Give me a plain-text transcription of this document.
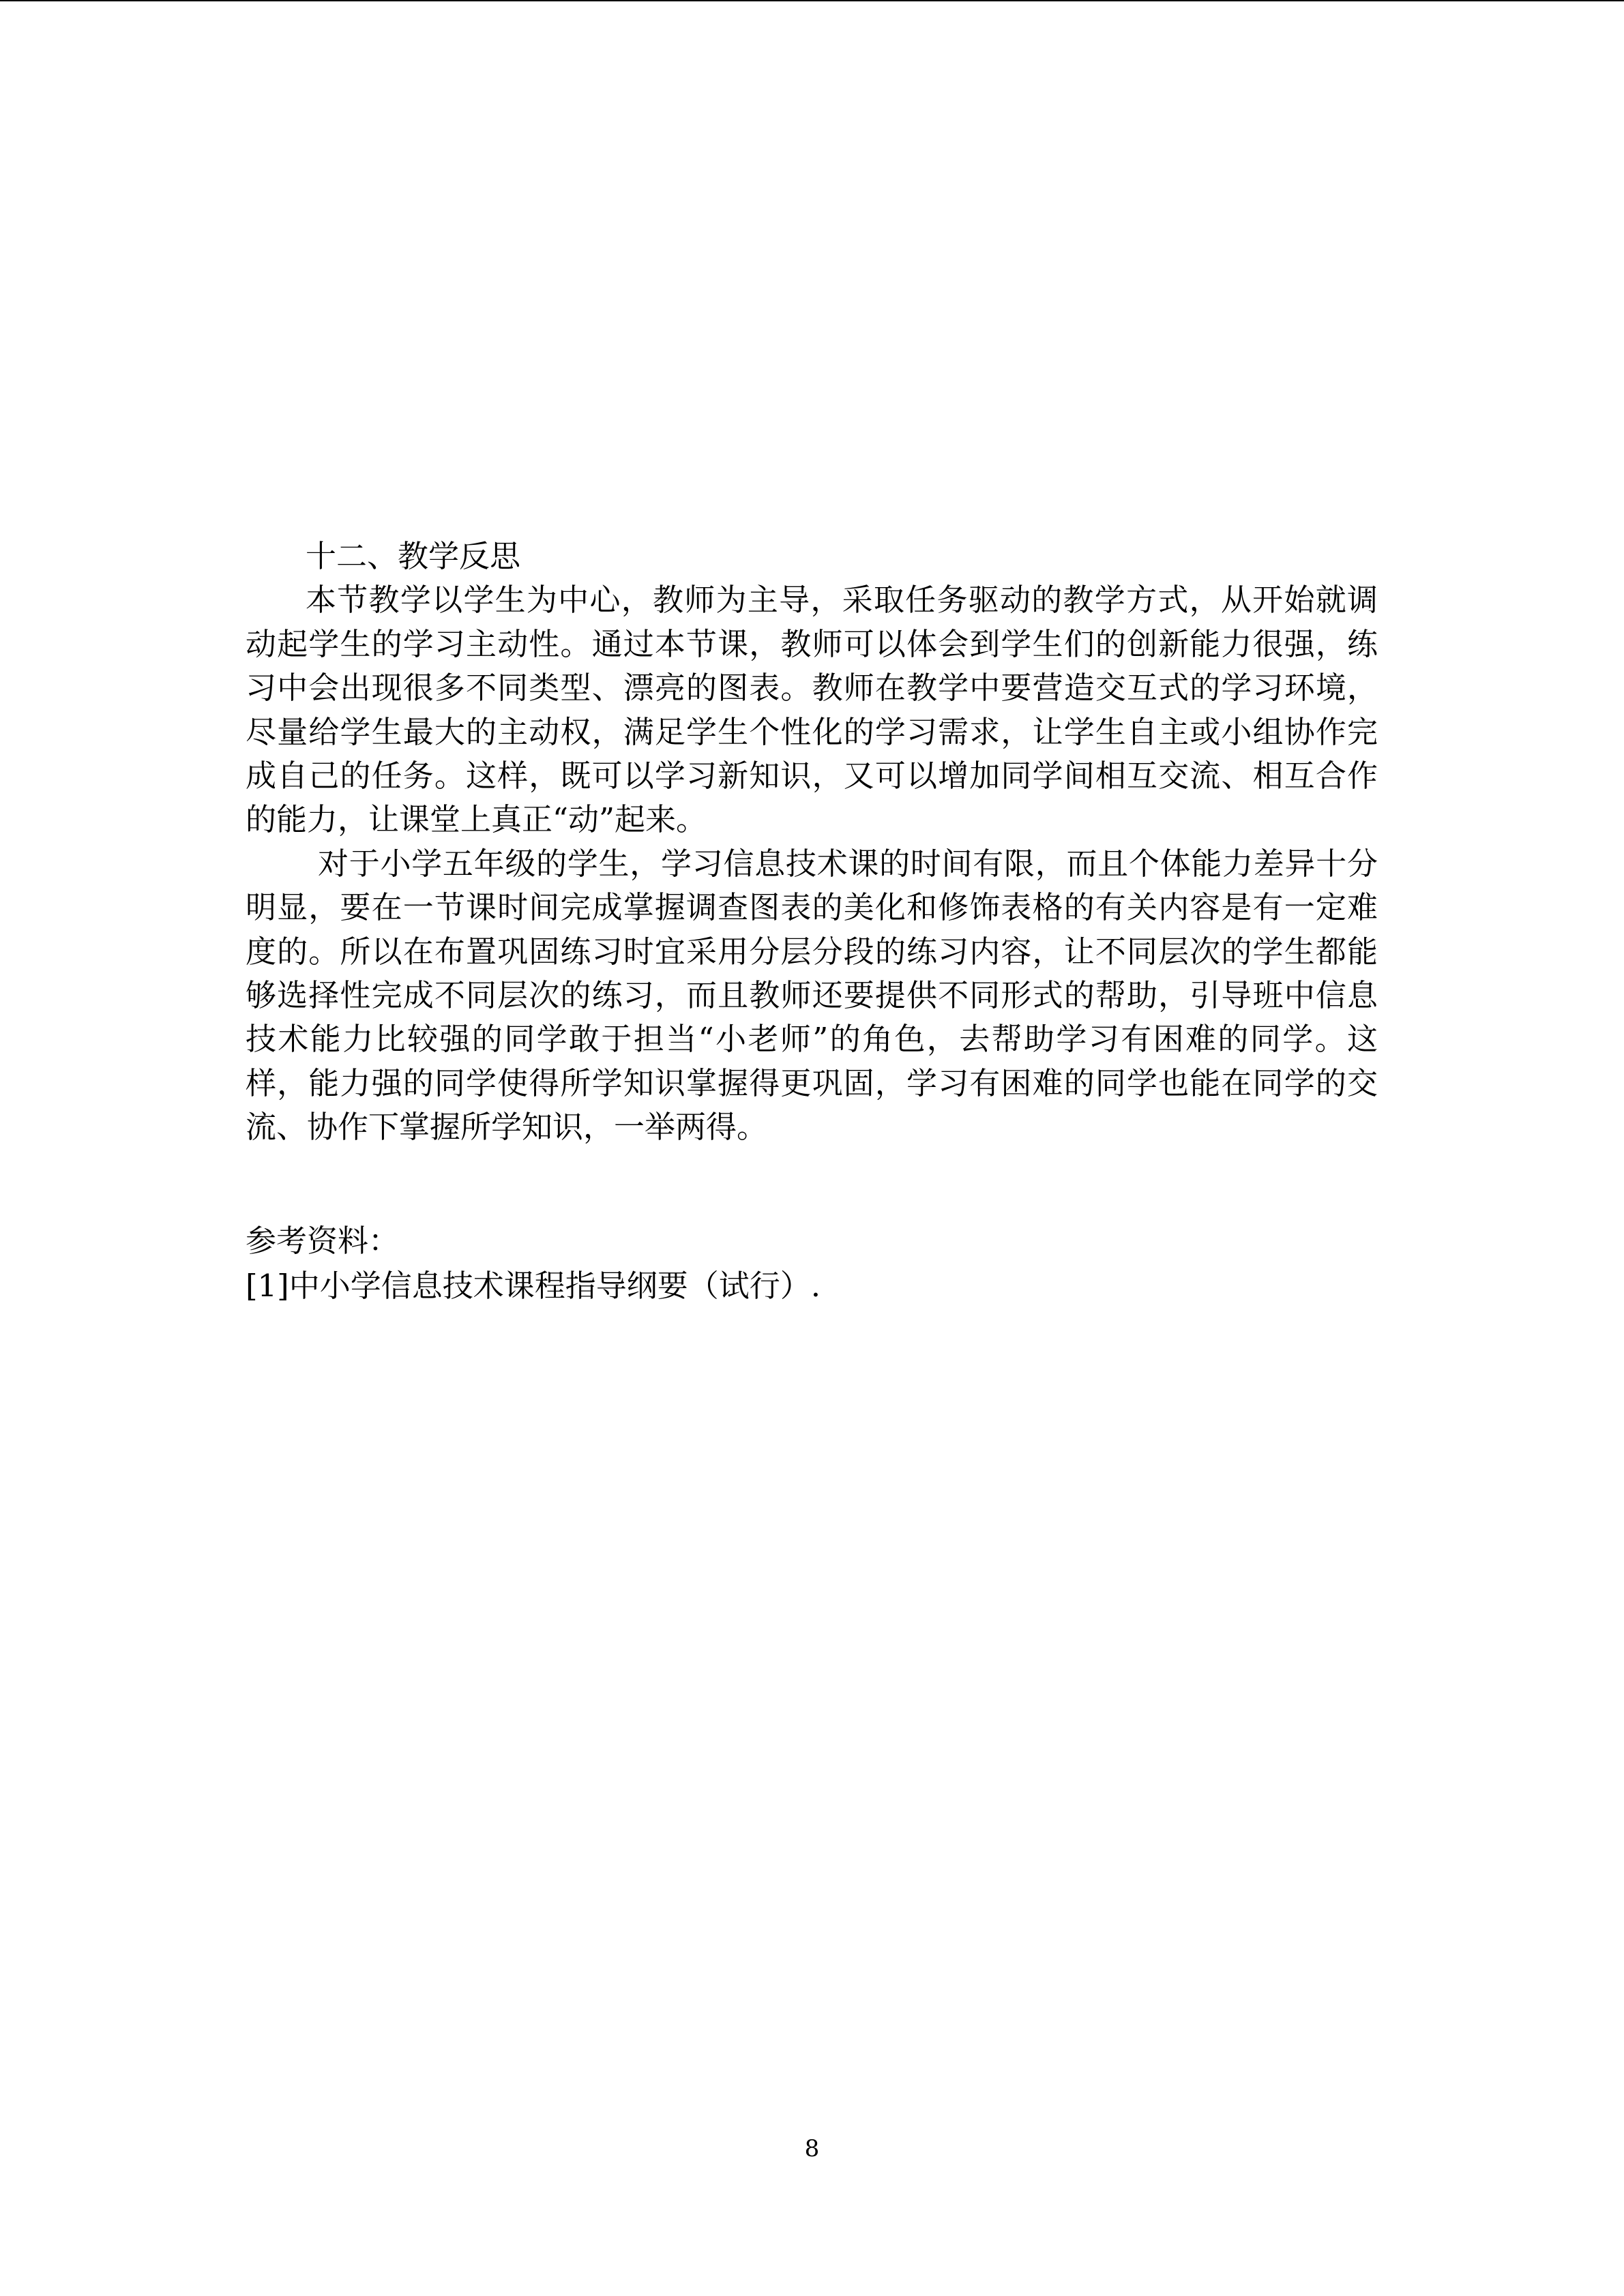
十二、教学反思

本节教学以学生为中心，教师为主导，采取任务驱动的教学方式，从开始就调动起学生的学习主动性。通过本节课，教师可以体会到学生们的创新能力很强，练习中会出现很多不同类型、漂亮的图表。教师在教学中要营造交互式的学习环境，尽量给学生最大的主动权，满足学生个性化的学习需求，让学生自主或小组协作完成自己的任务。这样，既可以学习新知识，又可以增加同学间相互交流、相互合作的能力，让课堂上真正“动”起来。

对于小学五年级的学生，学习信息技术课的时间有限，而且个体能力差异十分明显，要在一节课时间完成掌握调查图表的美化和修饰表格的有关内容是有一定难度的。所以在布置巩固练习时宜采用分层分段的练习内容，让不同层次的学生都能够选择性完成不同层次的练习，而且教师还要提供不同形式的帮助，引导班中信息技术能力比较强的同学敢于担当“小老师”的角色，去帮助学习有困难的同学。这样，能力强的同学使得所学知识掌握得更巩固，学习有困难的同学也能在同学的交流、协作下掌握所学知识，一举两得。

参考资料：

[1]中小学信息技术课程指导纲要（试行）.

8
